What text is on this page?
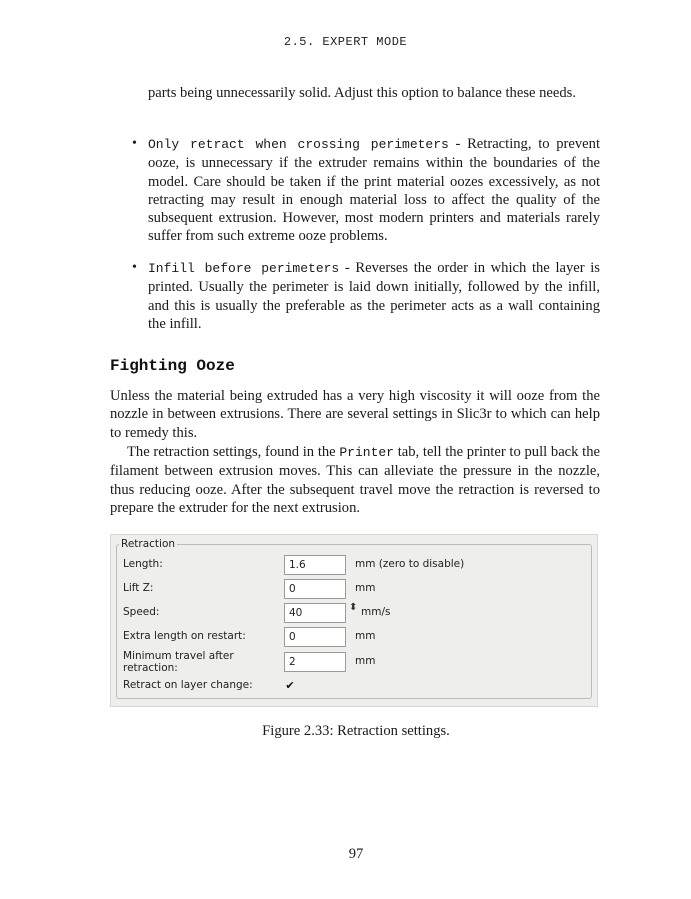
2.5. EXPERT MODE
parts being unnecessarily solid. Adjust this option to balance these needs.
• Only retract when crossing perimeters - Retracting, to prevent ooze, is unnecessary if the extruder remains within the boundaries of the model. Care should be taken if the print material oozes excessively, as not retracting may result in enough material loss to affect the quality of the subsequent extrusion. However, most modern printers and materials rarely suffer from such extreme ooze problems.
• Infill before perimeters - Reverses the order in which the layer is printed. Usually the perimeter is laid down initially, followed by the infill, and this is usually the preferable as the perimeter acts as a wall containing the infill.
Fighting Ooze

Unless the material being extruded has a very high viscosity it will ooze from the nozzle in between extrusions. There are several settings in Slic3r to which can help to remedy this.

The retraction settings, found in the Printer tab, tell the printer to pull back the filament between extrusion moves. This can alleviate the pressure in the nozzle, thus reducing ooze. After the subsequent travel move the retraction is reversed to prepare the extruder for the next extrusion.

Retraction
Length:	1.6	mm (zero to disable)
Lift Z:	0	mm
Speed:	40	⬍ mm/s
Extra length on restart:	0	mm
Minimum travel after retraction:	2	mm
Retract on layer change:	✔
Figure 2.33: Retraction settings.
97
